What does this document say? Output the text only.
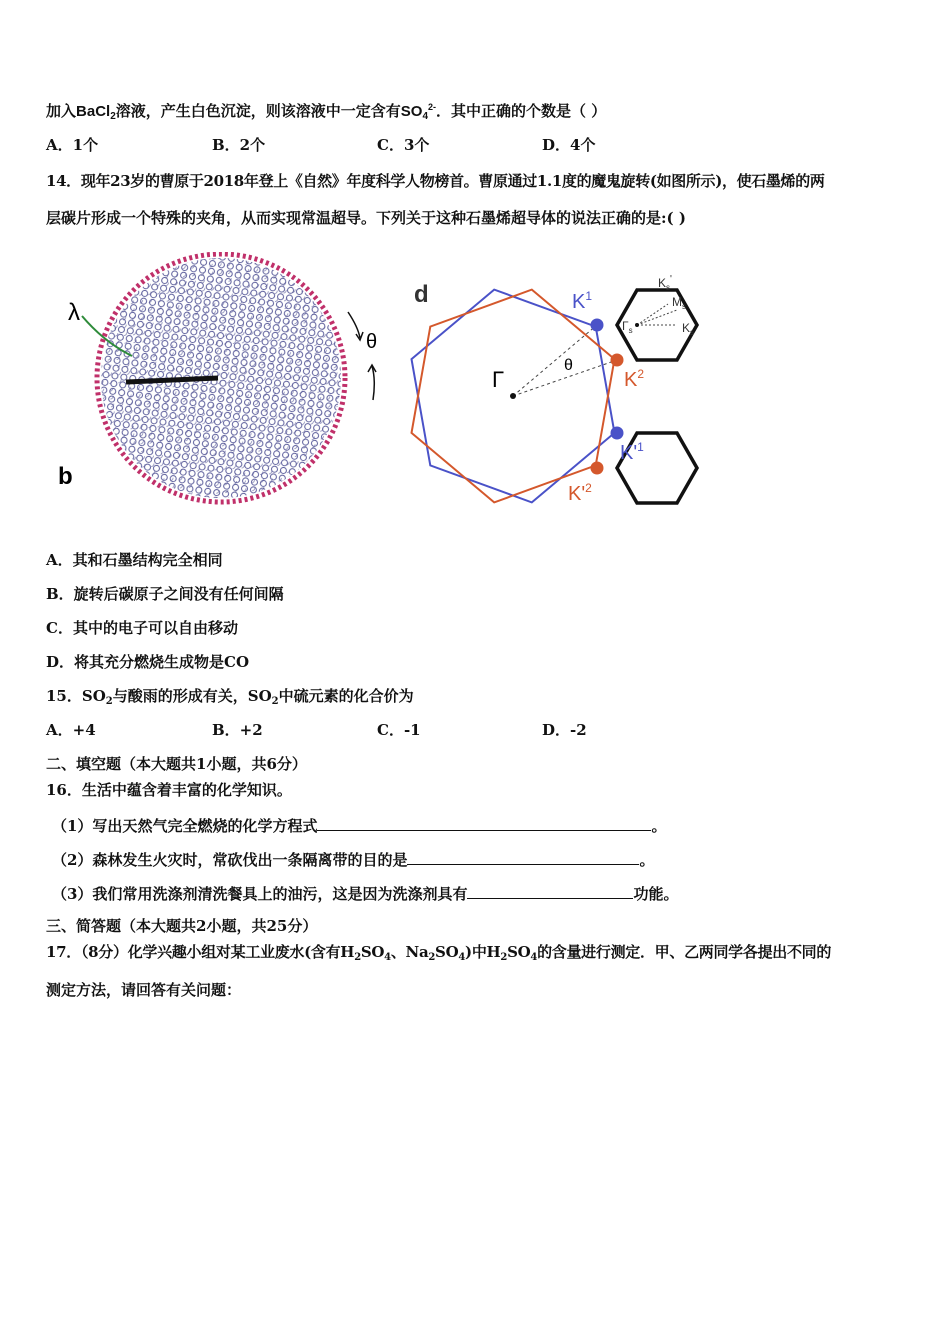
加入BaCl$_2$溶液，产生白色沉淀，则该溶液中一定含有$SO_4^{2-}$．其中正确的个数是（ ）
A．1个	B．2个	C．3个	D．4个
14．现年23岁的曹原于2018年登上《自然》年度科学人物榜首。曹原通过1.1度的魔鬼旋转(如图所示)，使石墨烯的两
层碳片形成一个特殊的夹角，从而实现常温超导。下列关于这种石墨烯超导体的说法正确的是:( )
λ
b
θ
d
Γ
θ
$K^1$
$K^2$
$K'^1$
$K'^2$
$K_s'$
$M_s$
$\Gamma_s$	$K_s$
A．其和石墨结构完全相同
B．旋转后碳原子之间没有任何间隔
C．其中的电子可以自由移动
D．将其充分燃烧生成物是CO
15．$SO_2$与酸雨的形成有关，$SO_2$中硫元素的化合价为
A．+4	B．+2	C．-1	D．-2
二、填空题（本大题共1小题，共6分）
16．生活中蕴含着丰富的化学知识。
（1）写出天然气完全燃烧的化学方程式	。
（2）森林发生火灾时，常砍伐出一条隔离带的目的是	。
（3）我们常用洗涤剂清洗餐具上的油污，这是因为洗涤剂具有	功能。
三、简答题（本大题共2小题，共25分）
17．（8分）化学兴趣小组对某工业废水(含有$H_2SO_4$、$Na_2SO_4$)中$H_2SO_4$的含量进行测定．甲、乙两同学各提出不同的
测定方法，请回答有关问题：
